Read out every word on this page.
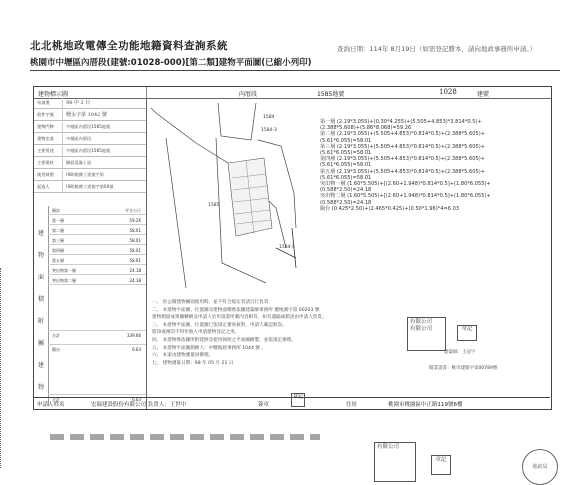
北北桃地政電傳全功能地籍資料查詢系統	查詢日期：114年 8月19日（如需登記謄本，請向地政事務所申請。）
桃園市中壢區內厝段(建號:01028-000)[第二類]建物平面圖(已縮小列印)
建物標示圖	內厝段	1585地號	1028	建號
申請書	98 中 2 日
收件字號 壢永字第 1042 號
建物門牌	中壢區內厝段1585地號
建物坐落	中壢區內厝段
主要用途	中壢區內厝段1585地號
主要建材	鋼筋混凝土造
使用執照	(98)桃縣工建使字第
起造人	(98)桃縣工建使字第00號
建
物
面
積
附
屬
建
物
層次	平方公尺
第一層	59.26
第二層	58.01
第三層	58.01
第四層	58.01
第五層	58.01
突出物第一層	24.18
突出物第二層	24.18
合計	339.66
陽台	6.03
合計	6.03
1584
1584-3
1585
1584-5
第一層 (2.19*3.055)+(0.30*4.255)+(5.505+4.853)*3.814*0.5)+
(2.388*5.608)+(5.86*8.068)=59.26
第二層 (2.19*3.055)+(5.505+4.853)*0.814*0.5)+(2.388*5.605)+
(5.61*6.055)=58.01
第三層 (2.19*3.055)+(5.505+4.853)*0.814*0.5)+(2.388*5.605)+
(5.61*6.055)=58.01
第四層 (2.19*3.055)+(5.505+4.853)*0.814*0.5)+(2.388*5.605)+
(5.61*6.055)=58.01
第五層 (2.19*3.055)+(5.505+4.853)*0.814*0.5)+(2.388*5.605)+
(5.61*6.055)=58.01
突出物一層 (1.60*5.505)+[(2.60+1.948)*0.814*0.5]+(1.80*6.055)+
(0.588*2.50)=24.18
突出物二層 (1.60*5.505)+[(2.60+1.948)*0.814*0.5]+(1.80*6.055)+
(0.588*2.50)=24.18
陽台 (0.425*2.50)+(2.465*0.425)+(0.50*1.96)*4=6.03
一、 於公開建物圖面使用時，並不符合規定者請自行負責
二、 本建物平面圖、位置圖及建物面積係依據建築師事務所 壢地測字第 00203 號
建物測量成果圖轉繪及申請人於申請書所載內容相符，如有遺漏或錯誤由申請人負責。
三、 本建物平面圖、位置圖已依規定審查核對，申請人確認無誤。
影印或複印不得作他人申請建物登記之用。
四、 本建物係依據所附建照及使用執照之平面圖繪製，並依規定辦理。
五、 本建物平面圖測繪人：中壢地政事務所 1044 號 。
六、 本案由建物測量員辦理。
七、 建物測量日期：98 年 05 月 21 日
有限公司
有限公司	章記
建築師：王冠宇
開業證書：桃市建開字第00789號
有限公司
章記
地政局
申請人姓名	宏瑞建設股份有限公司 負責人：王世中	簽章
章記
住址	桃園市桃園區中正路119號6樓
